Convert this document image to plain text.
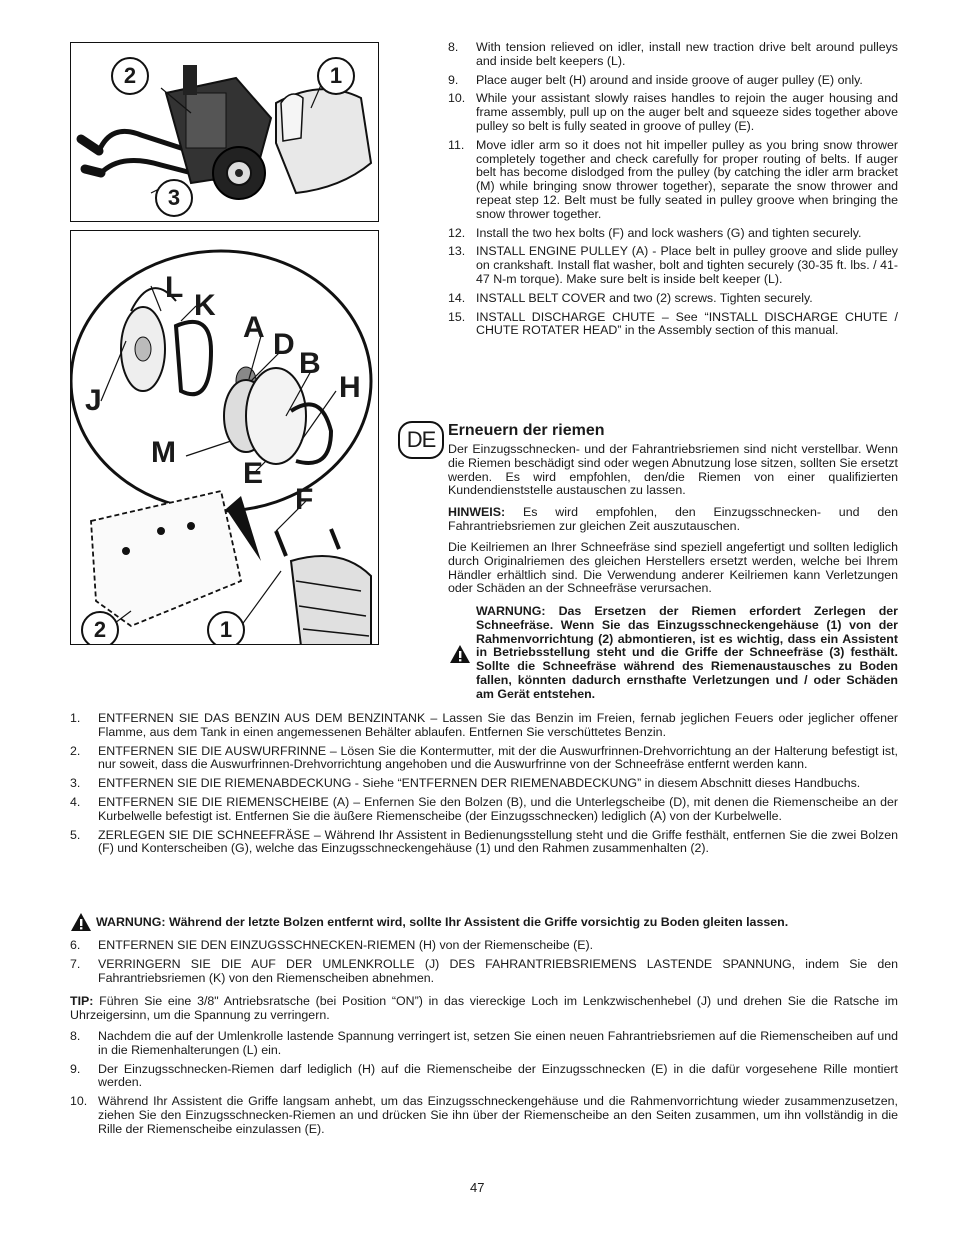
2	1
3
L
K
A
D
B
H
J
M
E
F
2	1
8.	With tension relieved on idler, install new traction drive belt around pulleys and inside belt keepers (L).
9.	Place auger belt (H) around and inside groove of auger pulley (E) only.
10. While your assistant slowly raises handles to rejoin the auger housing and frame assembly, pull up on the auger belt and squeeze sides together above pulley so belt is fully seated in groove of pulley (E).
11. Move idler arm so it does not hit impeller pulley as you bring snow thrower completely together and check carefully for proper routing of belts. If auger belt has become dislodged from the pulley (by catching the idler arm bracket (M) while bringing snow thrower together), separate the snow thrower and repeat step 12. Belt must be fully seated in pulley groove when bringing the snow thrower together.
12. Install the two hex bolts (F) and lock washers (G) and tighten securely.
13. INSTALL ENGINE PULLEY (A) - Place belt in pulley groove and slide pulley on crankshaft. Install flat washer, bolt and tighten securely (30-35 ft. lbs. / 41-47 N-m torque). Make sure belt is inside belt keeper (L).
14. INSTALL BELT COVER and two (2) screws. Tighten securely.
15. INSTALL DISCHARGE CHUTE – See “INSTALL DISCHARGE CHUTE / CHUTE ROTATER HEAD” in the Assembly section of this manual.
DE Erneuern der riemen
Der Einzugsschnecken- und der Fahrantriebsriemen sind nicht verstellbar. Wenn die Riemen beschädigt sind oder wegen Abnutzung lose sitzen, sollten Sie ersetzt werden. Es wird empfohlen, den/die Riemen von einer qualifizierten Kundendienststelle austauschen zu lassen.
HINWEIS: Es wird empfohlen, den Einzugsschnecken- und den Fahrantriebsriemen zur gleichen Zeit auszutauschen.
Die Keilriemen an Ihrer Schneefräse sind speziell angefertigt und sollten lediglich durch Originalriemen des gleichen Herstellers ersetzt werden, welche bei Ihrem Händler erhältlich sind. Die Verwendung anderer Keilriemen kann Verletzungen oder Schäden an der Schneefräse verursachen.
WARNUNG: Das Ersetzen der Riemen erfordert Zerlegen der Schneefräse. Wenn Sie das Einzugsschneckengehäuse (1) von der Rahmenvorrichtung (2) abmontieren, ist es wichtig, dass ein Assistent in Betriebsstellung steht und die Griffe der Schneefräse (3) festhält. Sollte die Schneefräse während des Riemenaustausches zu Boden fallen, könnten dadurch ernsthafte Verletzungen und / oder Schäden am Gerät entstehen.
1.	ENTFERNEN SIE DAS BENZIN AUS DEM BENZINTANK – Lassen Sie das Benzin im Freien, fernab jeglichen Feuers oder jeglicher offener Flamme, aus dem Tank in einen angemessenen Behälter ablaufen. Entfernen Sie verschüttetes Benzin.
2.	ENTFERNEN SIE DIE AUSWURFRINNE – Lösen Sie die Kontermutter, mit der die Auswurfrinnen-Drehvorrichtung an der Halterung befestigt ist, nur soweit, dass die Auswurfrinnen-Drehvorrichtung angehoben und die Auswurfrinne von der Schneefräse entfernt werden kann.
3.	ENTFERNEN SIE DIE RIEMENABDECKUNG - Siehe “ENTFERNEN DER RIEMENABDECKUNG” in diesem Abschnitt dieses Handbuchs.
4.	ENTFERNEN SIE DIE RIEMENSCHEIBE (A) – Enfernen Sie den Bolzen (B), und die Unterlegscheibe (D), mit denen die Riemenscheibe an der Kurbelwelle befestigt ist. Entfernen Sie die äußere Riemenscheibe (der Einzugsschnecken) lediglich (A) von der Kurbelwelle.
5.	ZERLEGEN SIE DIE SCHNEEFRÄSE – Während Ihr Assistent in Bedienungsstellung steht und die Griffe festhält, entfernen Sie die zwei Bolzen (F) und Konterscheiben (G), welche das Einzugsschneckengehäuse (1) und den Rahmen zusammenhalten (2).
WARNUNG: Während der letzte Bolzen entfernt wird, sollte Ihr Assistent die Griffe vorsichtig zu Boden gleiten lassen.
6.	ENTFERNEN SIE DEN EINZUGSSCHNECKEN-RIEMEN (H) von der Riemenscheibe (E).
7.	VERRINGERN SIE DIE AUF DER UMLENKROLLE (J) DES FAHRANTRIEBSRIEMENS LASTENDE SPANNUNG, indem Sie den Fahrantriebsriemen (K) von den Riemenscheiben abnehmen.
TIP: Führen Sie eine 3/8" Antriebsratsche (bei Position “ON”) in das viereckige Loch im Lenkzwischenhebel (J) und drehen Sie die Ratsche im Uhrzeigersinn, um die Spannung zu verringern.
8.	Nachdem die auf der Umlenkrolle lastende Spannung verringert ist, setzen Sie einen neuen Fahrantriebsriemen auf die Riemenscheiben auf und in die Riemenhalterungen (L) ein.
9.	Der Einzugsschnecken-Riemen darf lediglich (H) auf die Riemenscheibe der Einzugsschnecken (E) in die dafür vorgesehene Rille montiert werden.
10. Während Ihr Assistent die Griffe langsam anhebt, um das Einzugsschneckengehäuse und die Rahmenvorrichtung wieder zusammenzusetzen, ziehen Sie den Einzugsschnecken-Riemen an und drücken Sie ihn über der Riemenscheibe an den Seiten zusammen, um ihn vollständig in die Rille der Riemenscheibe einzulassen (E).
47
